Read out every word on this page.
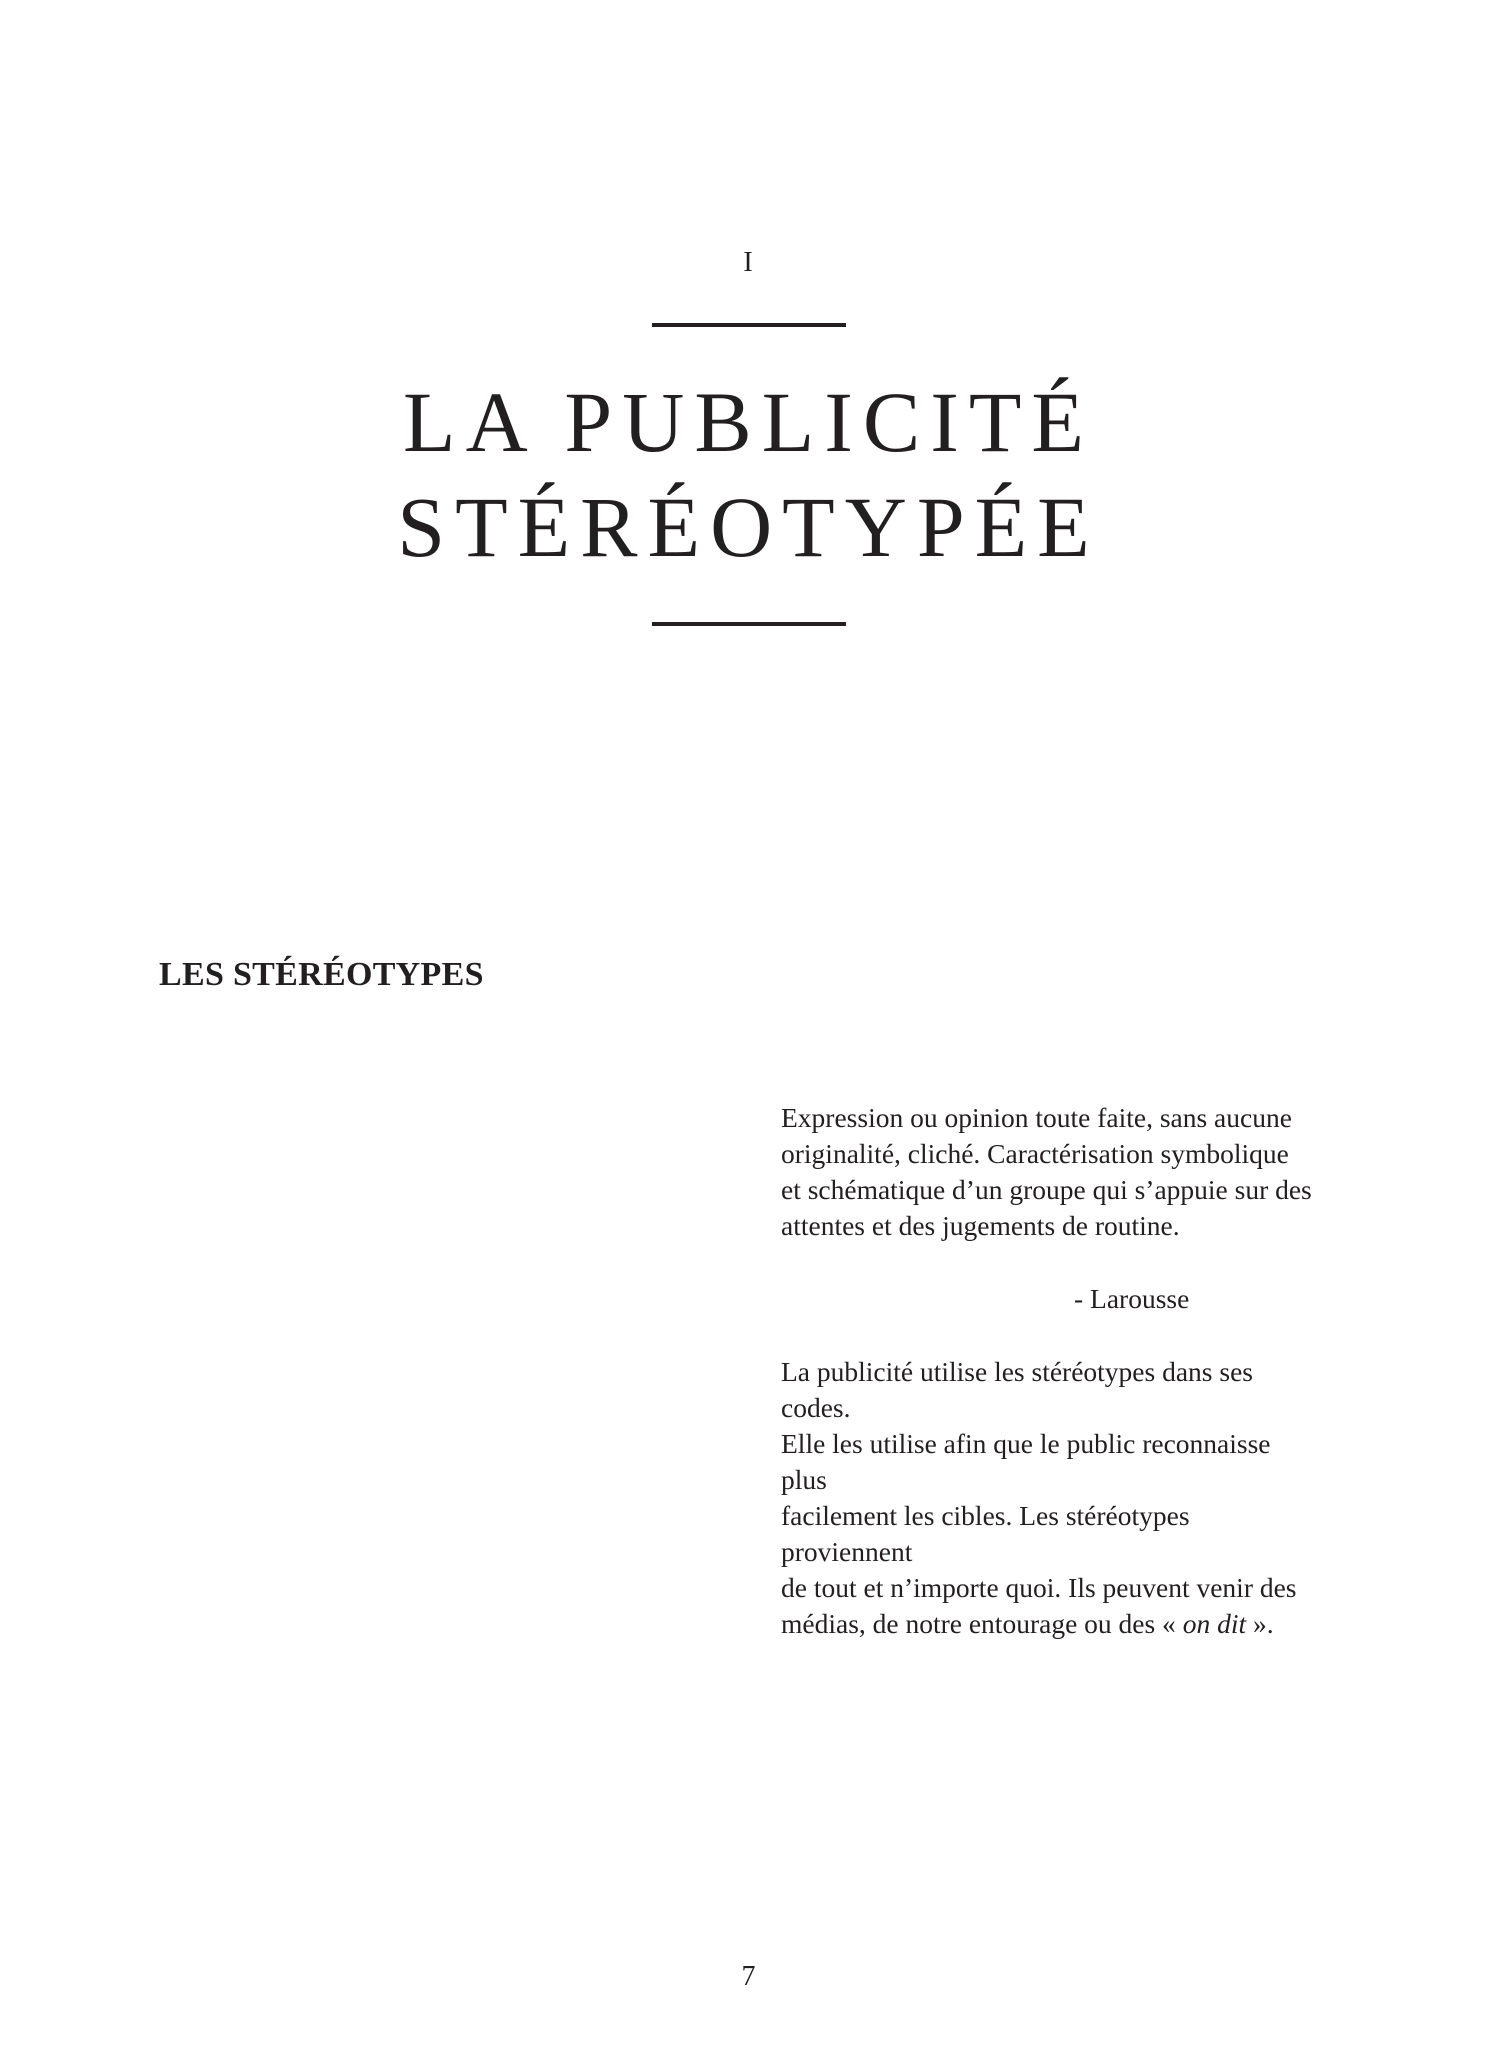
I
LA PUBLICITÉ
STÉRÉOTYPÉE
LES STÉRÉOTYPES

Expression ou opinion toute faite, sans aucune
originalité, cliché. Caractérisation symbolique
et schématique d’un groupe qui s’appuie sur des
attentes et des jugements de routine.

- Larousse

La publicité utilise les stéréotypes dans ses codes.
Elle les utilise afin que le public reconnaisse plus
facilement les cibles. Les stéréotypes proviennent
de tout et n’importe quoi. Ils peuvent venir des
médias, de notre entourage ou des « on dit ».

7
